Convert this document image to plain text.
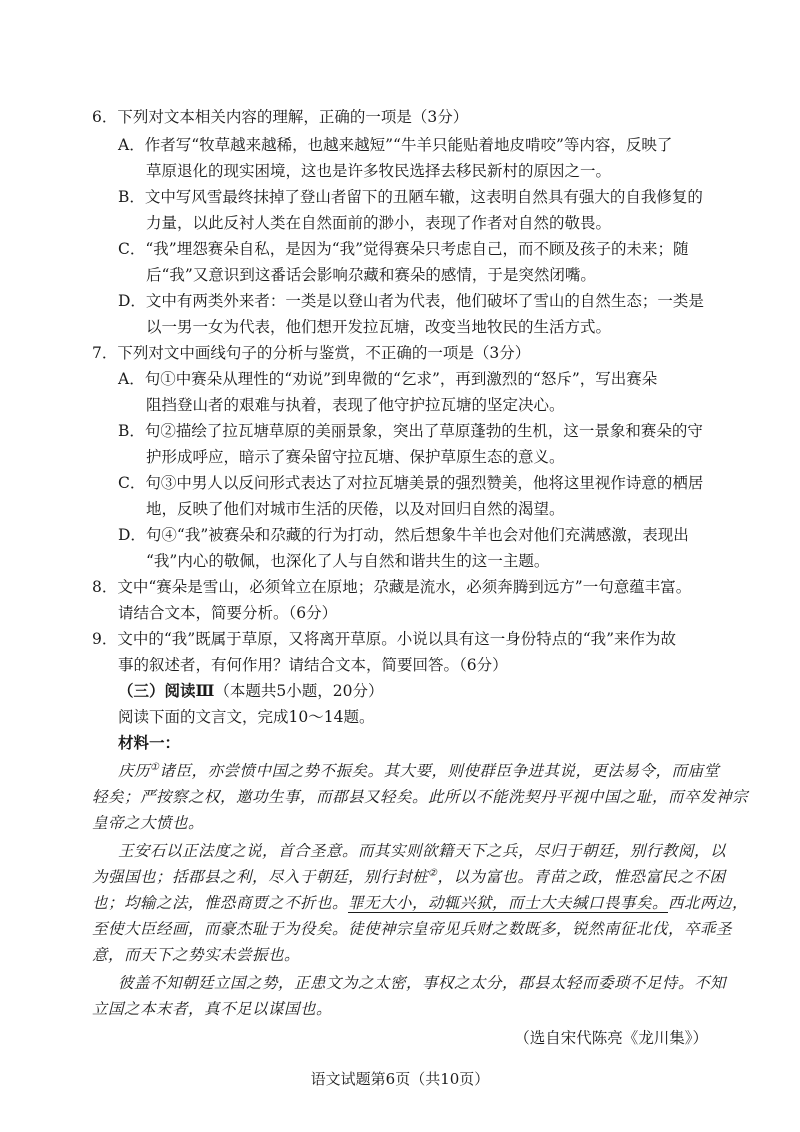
6．下列对文本相关内容的理解，正确的一项是（3分）
A．作者写“牧草越来越稀，也越来越短”“牛羊只能贴着地皮啃咬”等内容，反映了
草原退化的现实困境，这也是许多牧民选择去移民新村的原因之一。
B．文中写风雪最终抹掉了登山者留下的丑陋车辙，这表明自然具有强大的自我修复的
力量，以此反衬人类在自然面前的渺小，表现了作者对自然的敬畏。
C．“我”埋怨赛朵自私，是因为“我”觉得赛朵只考虑自己，而不顾及孩子的未来；随
后“我”又意识到这番话会影响尕藏和赛朵的感情，于是突然闭嘴。
D．文中有两类外来者：一类是以登山者为代表，他们破坏了雪山的自然生态；一类是
以一男一女为代表，他们想开发拉瓦塘，改变当地牧民的生活方式。
7．下列对文中画线句子的分析与鉴赏，不正确的一项是（3分）
A．句①中赛朵从理性的“劝说”到卑微的“乞求”，再到激烈的“怒斥”，写出赛朵
阻挡登山者的艰难与执着，表现了他守护拉瓦塘的坚定决心。
B．句②描绘了拉瓦塘草原的美丽景象，突出了草原蓬勃的生机，这一景象和赛朵的守
护形成呼应，暗示了赛朵留守拉瓦塘、保护草原生态的意义。
C．句③中男人以反问形式表达了对拉瓦塘美景的强烈赞美，他将这里视作诗意的栖居
地，反映了他们对城市生活的厌倦，以及对回归自然的渴望。
D．句④“我”被赛朵和尕藏的行为打动，然后想象牛羊也会对他们充满感激，表现出
“我”内心的敬佩，也深化了人与自然和谐共生的这一主题。
8．文中“赛朵是雪山，必须耸立在原地；尕藏是流水，必须奔腾到远方”一句意蕴丰富。
请结合文本，简要分析。（6分）
9．文中的“我”既属于草原，又将离开草原。小说以具有这一身份特点的“我”来作为故
事的叙述者，有何作用？请结合文本，简要回答。（6分）
（三）阅读Ⅲ（本题共5小题，20分）
阅读下面的文言文，完成10～14题。
材料一：
庆历①诸臣，亦尝愤中国之势不振矣。其大要，则使群臣争进其说，更法易令，而庙堂
轻矣；严按察之权，邀功生事，而郡县又轻矣。此所以不能洗契丹平视中国之耻，而卒发神宗
皇帝之大愤也。
王安石以正法度之说，首合圣意。而其实则欲籍天下之兵，尽归于朝廷，别行教阅，以
为强国也；括郡县之利，尽入于朝廷，别行封桩②，以为富也。青苗之政，惟恐富民之不困
也；均输之法，惟恐商贾之不折也。罪无大小，动辄兴狱，而士大夫缄口畏事矣。西北两边，
至使大臣经画，而豪杰耻于为役矣。徒使神宗皇帝见兵财之数既多，锐然南征北伐，卒乖圣
意，而天下之势实未尝振也。
彼盖不知朝廷立国之势，正患文为之太密，事权之太分，郡县太轻而委琐不足恃。不知
立国之本末者，真不足以谋国也。
（选自宋代陈亮《龙川集》）
语文试题第6页（共10页）
